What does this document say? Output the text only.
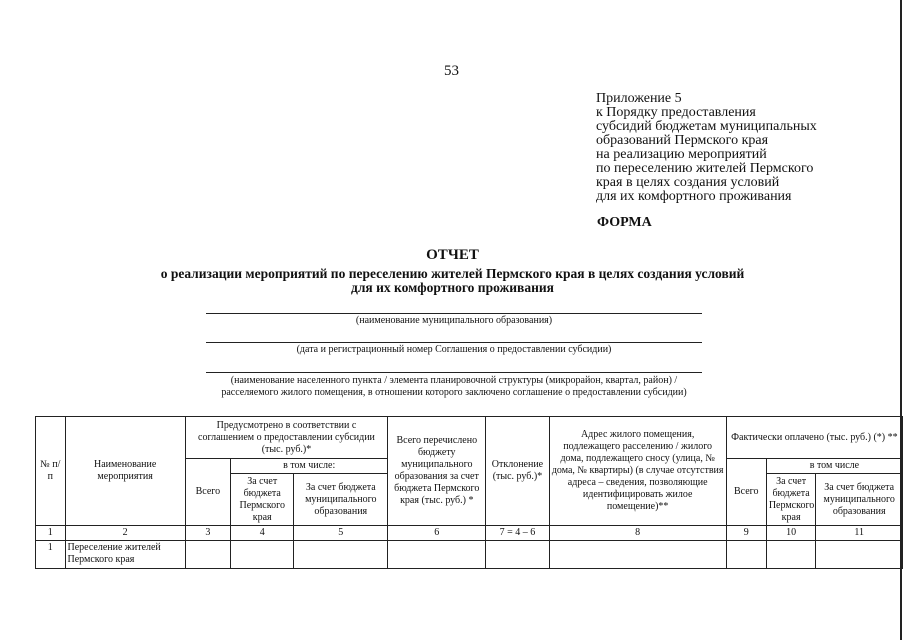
53
Приложение 5
к Порядку предоставления
субсидий бюджетам муниципальных
образований Пермского края
на реализацию мероприятий
по переселению жителей Пермского
края в целях создания условий
для их комфортного проживания
ФОРМА
ОТЧЕТ
о реализации мероприятий по переселению жителей Пермского края в целях создания условий
для их комфортного проживания
(наименование муниципального образования)
(дата и регистрационный номер Соглашения о предоставлении субсидии)
(наименование населенного пункта / элемента планировочной структуры (микрорайон, квартал, район) /
расселяемого жилого помещения, в отношении которого заключено соглашение о предоставлении субсидии)
№ п/п	Наименование мероприятия	Предусмотрено в соответствии с соглашением о предоставлении субсидии (тыс. руб.)*			Всего перечислено бюджету муниципального образования за счет бюджета Пермского края (тыс. руб.) *	Отклонение (тыс. руб.)*	Адрес жилого помещения, подлежащего расселению / жилого дома, подлежащего сносу (улица, № дома, № квартиры) (в случае отсутствия адреса – сведения, позволяющие идентифицировать жилое помещение)**	Фактически оплачено (тыс. руб.) (*) **		
		Всего	в том числе:					Всего	в том числе	
			За счет бюджета Пермского края	За счет бюджета муниципального образования					За счет бюджета Пермского края	За счет бюджета муниципального образования
1	2	3	4	5	6	7 = 4 – 6	8	9	10	11
1	Переселение жителей Пермского края									
